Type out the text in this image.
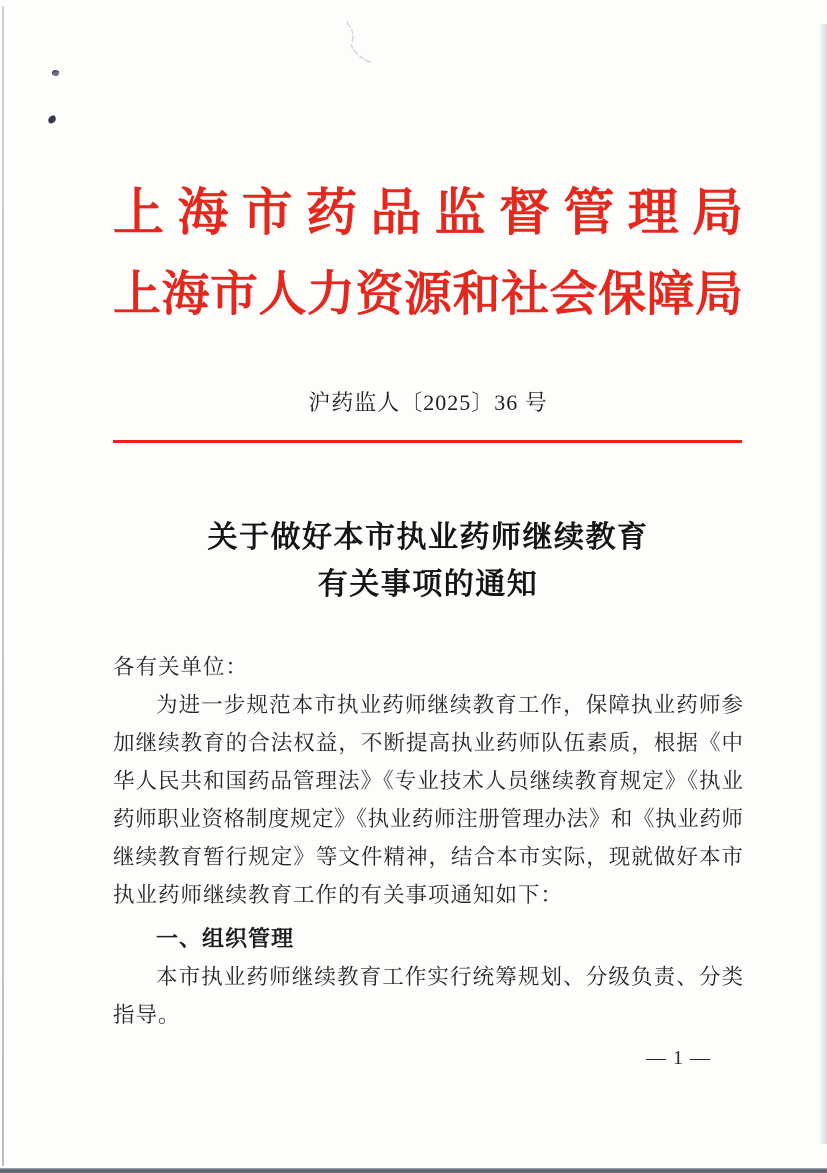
上海市药品监督管理局
上海市人力资源和社会保障局
沪药监人〔2025〕36 号
关于做好本市执业药师继续教育
有关事项的通知
各有关单位：
为进一步规范本市执业药师继续教育工作，保障执业药师参
加继续教育的合法权益，不断提高执业药师队伍素质，根据《中
华人民共和国药品管理法》《专业技术人员继续教育规定》《执业
药师职业资格制度规定》《执业药师注册管理办法》和《执业药师
继续教育暂行规定》等文件精神，结合本市实际，现就做好本市
执业药师继续教育工作的有关事项通知如下：
一、组织管理
本市执业药师继续教育工作实行统筹规划、分级负责、分类
指导。
— 1 —
